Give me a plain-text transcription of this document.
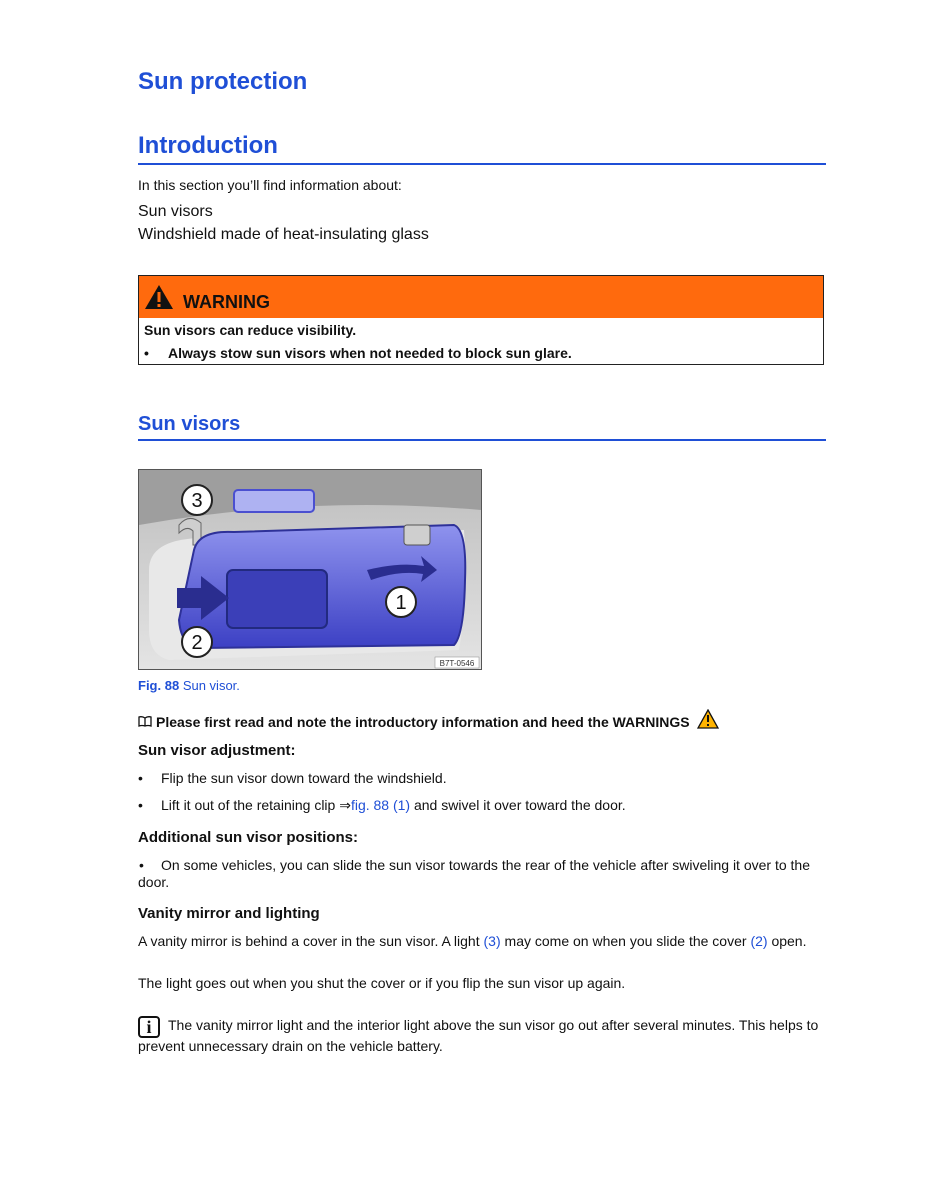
Sun protection
Introduction
In this section you’ll find information about:
Sun visors
Windshield made of heat-insulating glass
WARNING
Sun visors can reduce visibility.
• Always stow sun visors when not needed to block sun glare.
Sun visors
3
1
2
B7T-0546
Fig. 88 Sun visor.
Please first read and note the introductory information and heed the WARNINGS
Sun visor adjustment:
• Flip the sun visor down toward the windshield.
• Lift it out of the retaining clip ⇒fig. 88 (1) and swivel it over toward the door.
Additional sun visor positions:
• On some vehicles, you can slide the sun visor towards the rear of the vehicle after swiveling it over to the door.
Vanity mirror and lighting
A vanity mirror is behind a cover in the sun visor. A light (3) may come on when you slide the cover (2) open.
The light goes out when you shut the cover or if you flip the sun visor up again.
i The vanity mirror light and the interior light above the sun visor go out after several minutes. This helps to prevent unnecessary drain on the vehicle battery.
